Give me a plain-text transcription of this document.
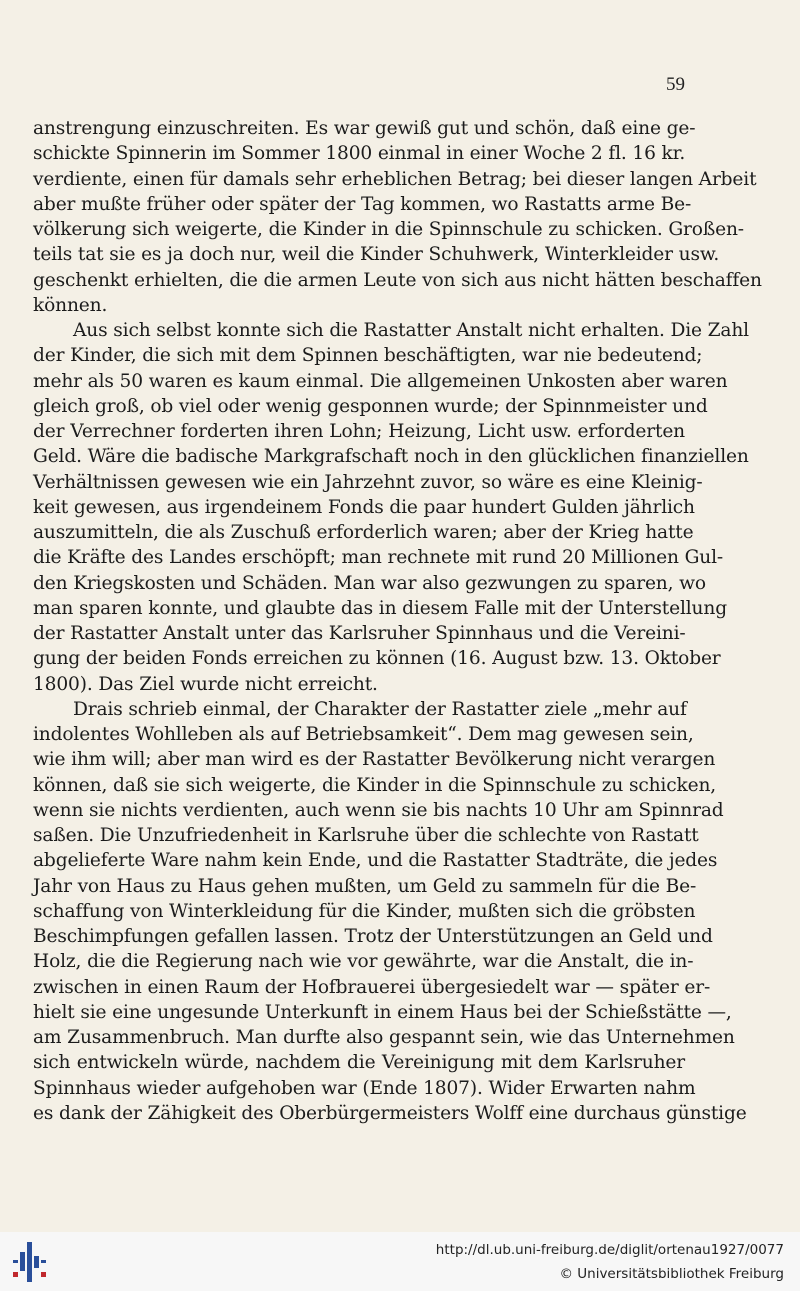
59
anstrengung einzuschreiten. Es war gewiß gut und schön, daß eine ge-
schickte Spinnerin im Sommer 1800 einmal in einer Woche 2 fl. 16 kr.
verdiente, einen für damals sehr erheblichen Betrag; bei dieser langen Arbeit
aber mußte früher oder später der Tag kommen, wo Rastatts arme Be-
völkerung sich weigerte, die Kinder in die Spinnschule zu schicken. Großen-
teils tat sie es ja doch nur, weil die Kinder Schuhwerk, Winterkleider usw.
geschenkt erhielten, die die armen Leute von sich aus nicht hätten beschaffen
können.
Aus sich selbst konnte sich die Rastatter Anstalt nicht erhalten. Die Zahl
der Kinder, die sich mit dem Spinnen beschäftigten, war nie bedeutend;
mehr als 50 waren es kaum einmal. Die allgemeinen Unkosten aber waren
gleich groß, ob viel oder wenig gesponnen wurde; der Spinnmeister und
der Verrechner forderten ihren Lohn; Heizung, Licht usw. erforderten
Geld. Wäre die badische Markgrafschaft noch in den glücklichen finanziellen
Verhältnissen gewesen wie ein Jahrzehnt zuvor, so wäre es eine Kleinig-
keit gewesen, aus irgendeinem Fonds die paar hundert Gulden jährlich
auszumitteln, die als Zuschuß erforderlich waren; aber der Krieg hatte
die Kräfte des Landes erschöpft; man rechnete mit rund 20 Millionen Gul-
den Kriegskosten und Schäden. Man war also gezwungen zu sparen, wo
man sparen konnte, und glaubte das in diesem Falle mit der Unterstellung
der Rastatter Anstalt unter das Karlsruher Spinnhaus und die Vereini-
gung der beiden Fonds erreichen zu können (16. August bzw. 13. Oktober
1800). Das Ziel wurde nicht erreicht.
Drais schrieb einmal, der Charakter der Rastatter ziele „mehr auf
indolentes Wohlleben als auf Betriebsamkeit“. Dem mag gewesen sein,
wie ihm will; aber man wird es der Rastatter Bevölkerung nicht verargen
können, daß sie sich weigerte, die Kinder in die Spinnschule zu schicken,
wenn sie nichts verdienten, auch wenn sie bis nachts 10 Uhr am Spinnrad
saßen. Die Unzufriedenheit in Karlsruhe über die schlechte von Rastatt
abgelieferte Ware nahm kein Ende, und die Rastatter Stadträte, die jedes
Jahr von Haus zu Haus gehen mußten, um Geld zu sammeln für die Be-
schaffung von Winterkleidung für die Kinder, mußten sich die gröbsten
Beschimpfungen gefallen lassen. Trotz der Unterstützungen an Geld und
Holz, die die Regierung nach wie vor gewährte, war die Anstalt, die in-
zwischen in einen Raum der Hofbrauerei übergesiedelt war — später er-
hielt sie eine ungesunde Unterkunft in einem Haus bei der Schießstätte —,
am Zusammenbruch. Man durfte also gespannt sein, wie das Unternehmen
sich entwickeln würde, nachdem die Vereinigung mit dem Karlsruher
Spinnhaus wieder aufgehoben war (Ende 1807). Wider Erwarten nahm
es dank der Zähigkeit des Oberbürgermeisters Wolff eine durchaus günstige
http://dl.ub.uni-freiburg.de/diglit/ortenau1927/0077
© Universitätsbibliothek Freiburg
